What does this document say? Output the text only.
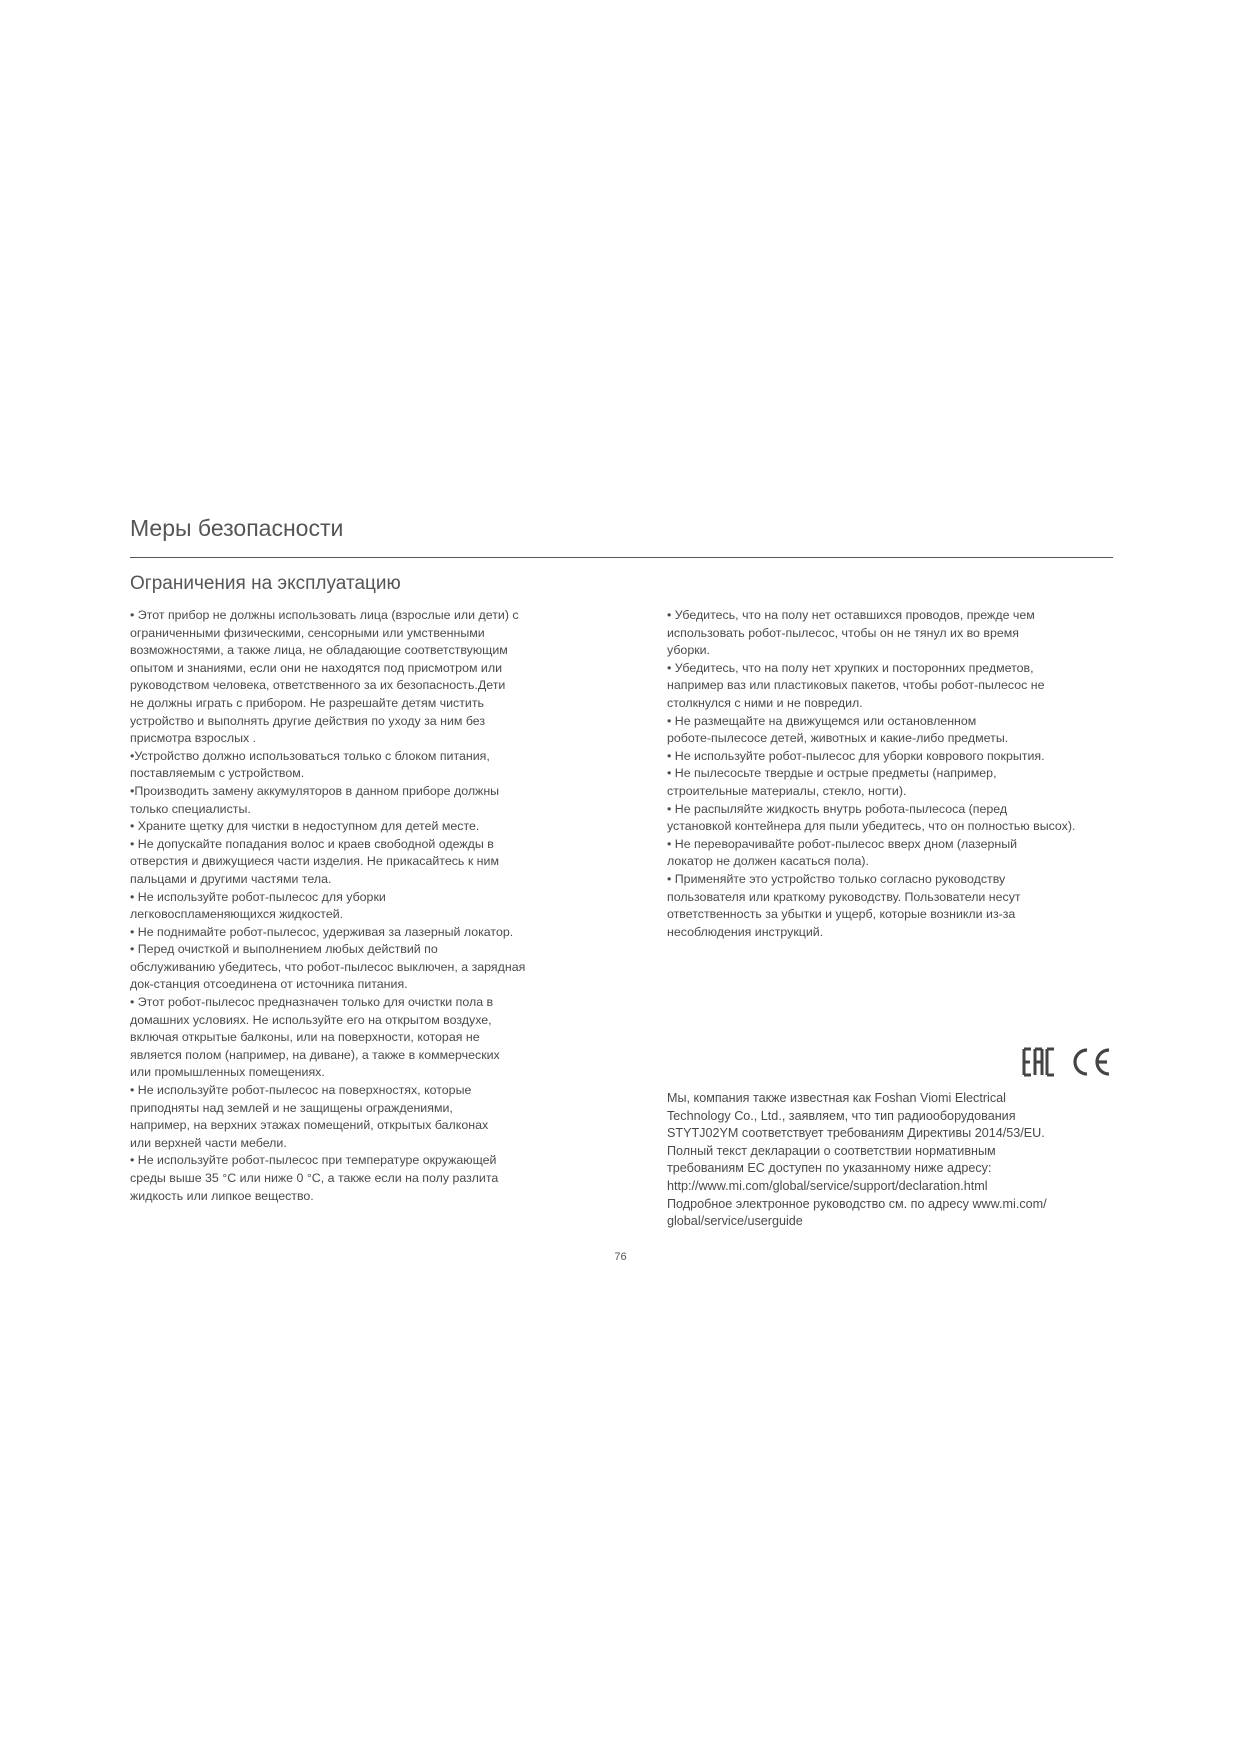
Меры безопасности
Ограничения на эксплуатацию
• Этот прибор не должны использовать лица (взрослые или дети) с
ограниченными физическими, сенсорными или умственными
возможностями, а также лица, не обладающие соответствующим
опытом и знаниями, если они не находятся под присмотром или
руководством человека, ответственного за их безопасность.Дети
не должны играть с прибором. Не разрешайте детям чистить
устройство и выполнять другие действия по уходу за ним без
присмотра взрослых .
•Устройство должно использоваться только с блоком питания,
поставляемым с устройством.
•Производить замену аккумуляторов в данном приборе должны
только специалисты.
• Храните щетку для чистки в недоступном для детей месте.
• Не допускайте попадания волос и краев свободной одежды в
отверстия и движущиеся части изделия. Не прикасайтесь к ним
пальцами и другими частями тела.
• Не используйте робот-пылесос для уборки
легковоспламеняющихся жидкостей.
• Не поднимайте робот-пылесос, удерживая за лазерный локатор.
• Перед очисткой и выполнением любых действий по
обслуживанию убедитесь, что робот-пылесос выключен, а зарядная
док-станция отсоединена от источника питания.
• Этот робот-пылесос предназначен только для очистки пола в
домашних условиях. Не используйте его на открытом воздухе,
включая открытые балконы, или на поверхности, которая не
является полом (например, на диване), а также в коммерческих
или промышленных помещениях.
• Не используйте робот-пылесос на поверхностях, которые
приподняты над землей и не защищены ограждениями,
например, на верхних этажах помещений, открытых балконах
или верхней части мебели.
• Не используйте робот-пылесос при температуре окружающей
среды выше 35 °C или ниже 0 °C, а также если на полу разлита
жидкость или липкое вещество.
• Убедитесь, что на полу нет оставшихся проводов, прежде чем
использовать робот-пылесос, чтобы он не тянул их во время
уборки.
• Убедитесь, что на полу нет хрупких и посторонних предметов,
например ваз или пластиковых пакетов, чтобы робот-пылесос не
столкнулся с ними и не повредил.
• Не размещайте на движущемся или остановленном
роботе-пылесосе детей, животных и какие-либо предметы.
• Не используйте робот-пылесос для уборки коврового покрытия.
• Не пылесосьте твердые и острые предметы (например,
строительные материалы, стекло, ногти).
• Не распыляйте жидкость внутрь робота-пылесоса (перед
установкой контейнера для пыли убедитесь, что он полностью высох).
• Не переворачивайте робот-пылесос вверх дном (лазерный
локатор не должен касаться пола).
• Применяйте это устройство только согласно руководству
пользователя или краткому руководству. Пользователи несут
ответственность за убытки и ущерб, которые возникли из-за
несоблюдения инструкций.
Мы, компания также известная как Foshan Viomi Electrical
Technology Co., Ltd., заявляем, что тип радиооборудования
STYTJ02YM соответствует требованиям Директивы 2014/53/EU.
Полный текст декларации о соответствии нормативным
требованиям ЕС доступен по указанному ниже адресу:
http://www.mi.com/global/service/support/declaration.html
Подробное электронное руководство см. по адресу www.mi.com/
global/service/userguide
76
